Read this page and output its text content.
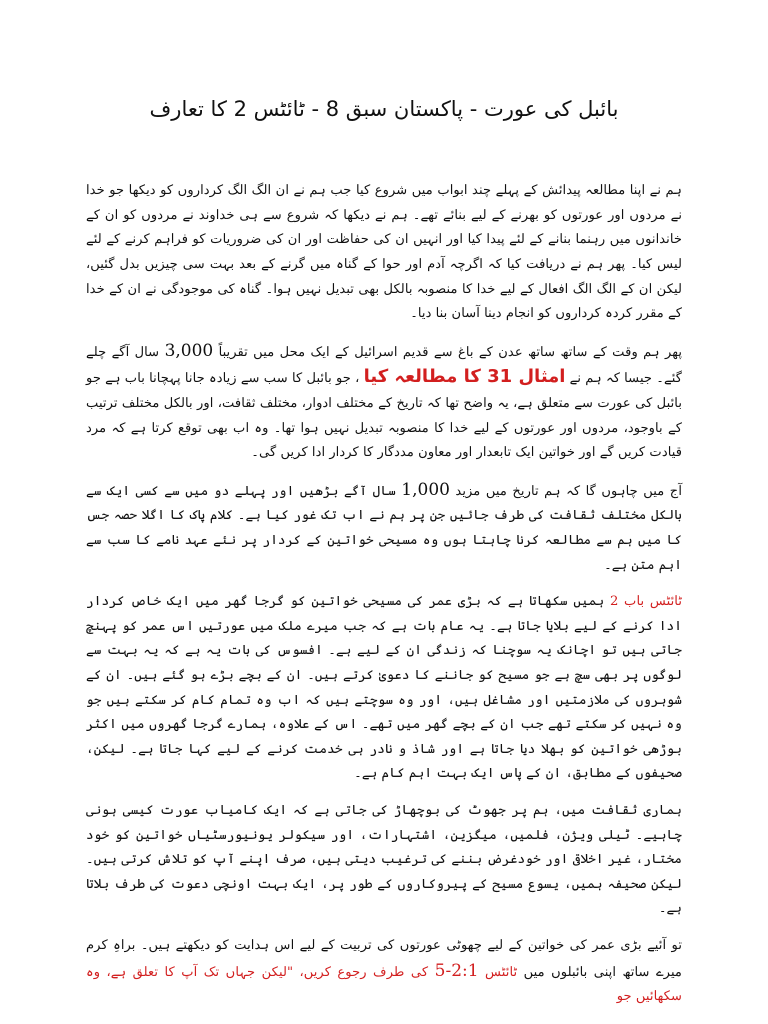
بائبل کی عورت - پاکستان سبق 8 - ٹائٹس 2 کا تعارف

ہم نے اپنا مطالعہ پیدائش کے پہلے چند ابواب میں شروع کیا جب ہم نے ان الگ الگ کرداروں کو دیکھا جو خدا نے مردوں اور عورتوں کو بھرنے کے لیے بنائے تھے۔ ہم نے دیکھا کہ شروع سے ہی خداوند نے مردوں کو ان کے خاندانوں میں رہنما بنانے کے لئے پیدا کیا اور انہیں ان کی حفاظت اور ان کی ضروریات کو فراہم کرنے کے لئے لیس کیا۔ پھر ہم نے دریافت کیا کہ اگرچہ آدم اور حوا کے گناہ میں گرنے کے بعد بہت سی چیزیں بدل گئیں، لیکن ان کے الگ الگ افعال کے لیے خدا کا منصوبہ بالکل بھی تبدیل نہیں ہوا۔ گناہ کی موجودگی نے ان کے خدا کے مقرر کردہ کرداروں کو انجام دینا آسان بنا دیا۔

پھر ہم وقت کے ساتھ ساتھ عدن کے باغ سے قدیم اسرائیل کے ایک محل میں تقریباً 3,000 سال آگے چلے گئے۔ جیسا کہ ہم نے امثال 31 کا مطالعہ کیا ، جو بائبل کا سب سے زیادہ جانا پہچانا باب ہے جو بائبل کی عورت سے متعلق ہے، یہ واضح تھا کہ تاریخ کے مختلف ادوار، مختلف ثقافت، اور بالکل مختلف ترتیب کے باوجود، مردوں اور عورتوں کے لیے خدا کا منصوبہ تبدیل نہیں ہوا تھا۔ وہ اب بھی توقع کرتا ہے کہ مرد قیادت کریں گے اور خواتین ایک تابعدار اور معاون مددگار کا کردار ادا کریں گی۔

آج میں چاہوں گا کہ ہم تاریخ میں مزید 1,000 سال آگے بڑھیں اور پہلے دو میں سے کسی ایک سے بالکل مختلف ثقافت کی طرف جائیں جن پر ہم نے اب تک غور کیا ہے۔ کلام پاک کا اگلا حصہ جس کا میں ہم سے مطالعہ کرنا چاہتا ہوں وہ مسیحی خواتین کے کردار پر نئے عہد نامے کا سب سے اہم متن ہے۔

ٹائٹس باب 2 ہمیں سکھاتا ہے کہ بڑی عمر کی مسیحی خواتین کو گرجا گھر میں ایک خاص کردار ادا کرنے کے لیے بلایا جاتا ہے۔ یہ عام بات ہے کہ جب میرے ملک میں عورتیں اس عمر کو پہنچ جاتی ہیں تو اچانک یہ سوچنا کہ زندگی ان کے لیے ہے۔ افسوس کی بات یہ ہے کہ یہ بہت سے لوگوں پر بھی سچ ہے جو مسیح کو جاننے کا دعویٰ کرتے ہیں۔ ان کے بچے بڑے ہو گئے ہیں۔ ان کے شوہروں کی ملازمتیں اور مشاغل ہیں، اور وہ سوچتے ہیں کہ اب وہ تمام کام کر سکتے ہیں جو وہ نہیں کر سکتے تھے جب ان کے بچے گھر میں تھے۔ اس کے علاوہ، ہمارے گرجا گھروں میں اکثر بوڑھی خواتین کو بھلا دیا جاتا ہے اور شاذ و نادر ہی خدمت کرنے کے لیے کہا جاتا ہے۔ لیکن، صحیفوں کے مطابق، ان کے پاس ایک بہت اہم کام ہے۔

ہماری ثقافت میں، ہم پر جھوٹ کی بوچھاڑ کی جاتی ہے کہ ایک کامیاب عورت کیسی ہونی چاہیے۔ ٹیلی ویژن، فلمیں، میگزین، اشتہارات، اور سیکولر یونیورسٹیاں خواتین کو خود مختار، غیر اخلاقی اور خودغرض بننے کی ترغیب دیتی ہیں، صرف اپنے آپ کو تلاش کرتی ہیں۔ لیکن صحیفہ ہمیں، یسوع مسیح کے پیروکاروں کے طور پر، ایک بہت اونچی دعوت کی طرف بلاتا ہے۔

تو آئیے بڑی عمر کی خواتین کے لیے چھوٹی عورتوں کی تربیت کے لیے اس ہدایت کو دیکھتے ہیں۔ براہِ کرم میرے ساتھ اپنی بائبلوں میں ٹائٹس 2:1-5 کی طرف رجوع کریں، "لیکن جہاں تک آپ کا تعلق ہے، وہ سکھائیں جو
